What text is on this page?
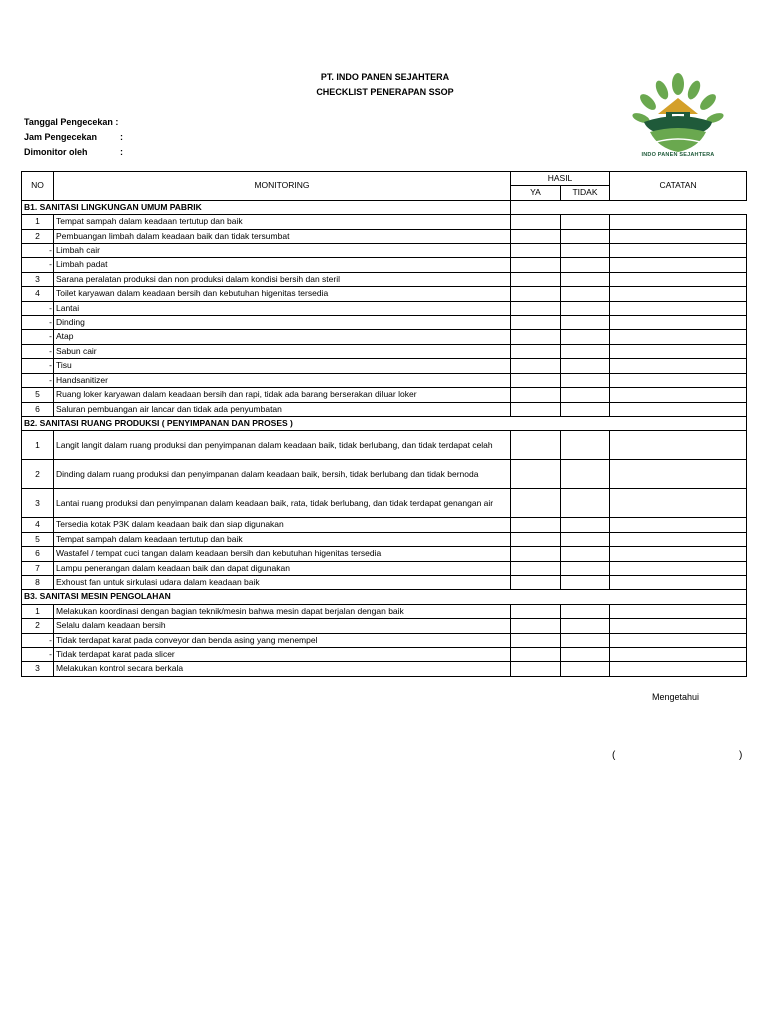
PT. INDO PANEN SEJAHTERA
CHECKLIST PENERAPAN SSOP
Tanggal Pengecekan :
Jam Pengecekan	:
Dimonitor oleh	:	INDO PANEN SEJAHTERA
NO	MONITORING	HASIL		CATATAN
		YA	TIDAK	
B1. SANITASI LINGKUNGAN UMUM PABRIK				
1	Tempat sampah dalam keadaan tertutup dan baik			
2	Pembuangan limbah dalam keadaan baik dan tidak tersumbat			
-	Limbah cair			
-	Limbah padat			
3	Sarana peralatan produksi dan non produksi dalam kondisi bersih dan steril			
4	Toilet karyawan dalam keadaan bersih dan kebutuhan higenitas tersedia			
-	Lantai			
-	Dinding			
-	Atap			
-	Sabun cair			
-	Tisu			
-	Handsanitizer			
5	Ruang loker karyawan dalam keadaan bersih dan rapi, tidak ada barang berserakan diluar loker			
6	Saluran pembuangan air lancar dan tidak ada penyumbatan			
B2. SANITASI RUANG PRODUKSI ( PENYIMPANAN DAN PROSES )				
1	Langit langit dalam ruang produksi dan penyimpanan dalam keadaan baik, tidak berlubang, dan tidak terdapat celah			
2	Dinding dalam ruang produksi dan penyimpanan dalam keadaan baik, bersih, tidak berlubang dan tidak bernoda			
3	Lantai ruang produksi dan penyimpanan dalam keadaan baik, rata, tidak berlubang, dan tidak terdapat genangan air			
4	Tersedia kotak P3K dalam keadaan baik dan siap digunakan			
5	Tempat sampah dalam keadaan tertutup dan baik			
6	Wastafel / tempat cuci tangan dalam keadaan bersih dan kebutuhan higenitas tersedia			
7	Lampu penerangan dalam keadaan baik dan dapat digunakan			
8	Exhoust fan untuk sirkulasi udara dalam keadaan baik			
B3. SANITASI MESIN PENGOLAHAN				
1	Melakukan koordinasi dengan bagian teknik/mesin bahwa mesin dapat berjalan dengan baik			
2	Selalu dalam keadaan bersih			
-	Tidak terdapat karat pada conveyor dan benda asing yang menempel			
-	Tidak terdapat karat pada slicer			
3	Melakukan kontrol secara berkala			
Mengetahui
(	)
